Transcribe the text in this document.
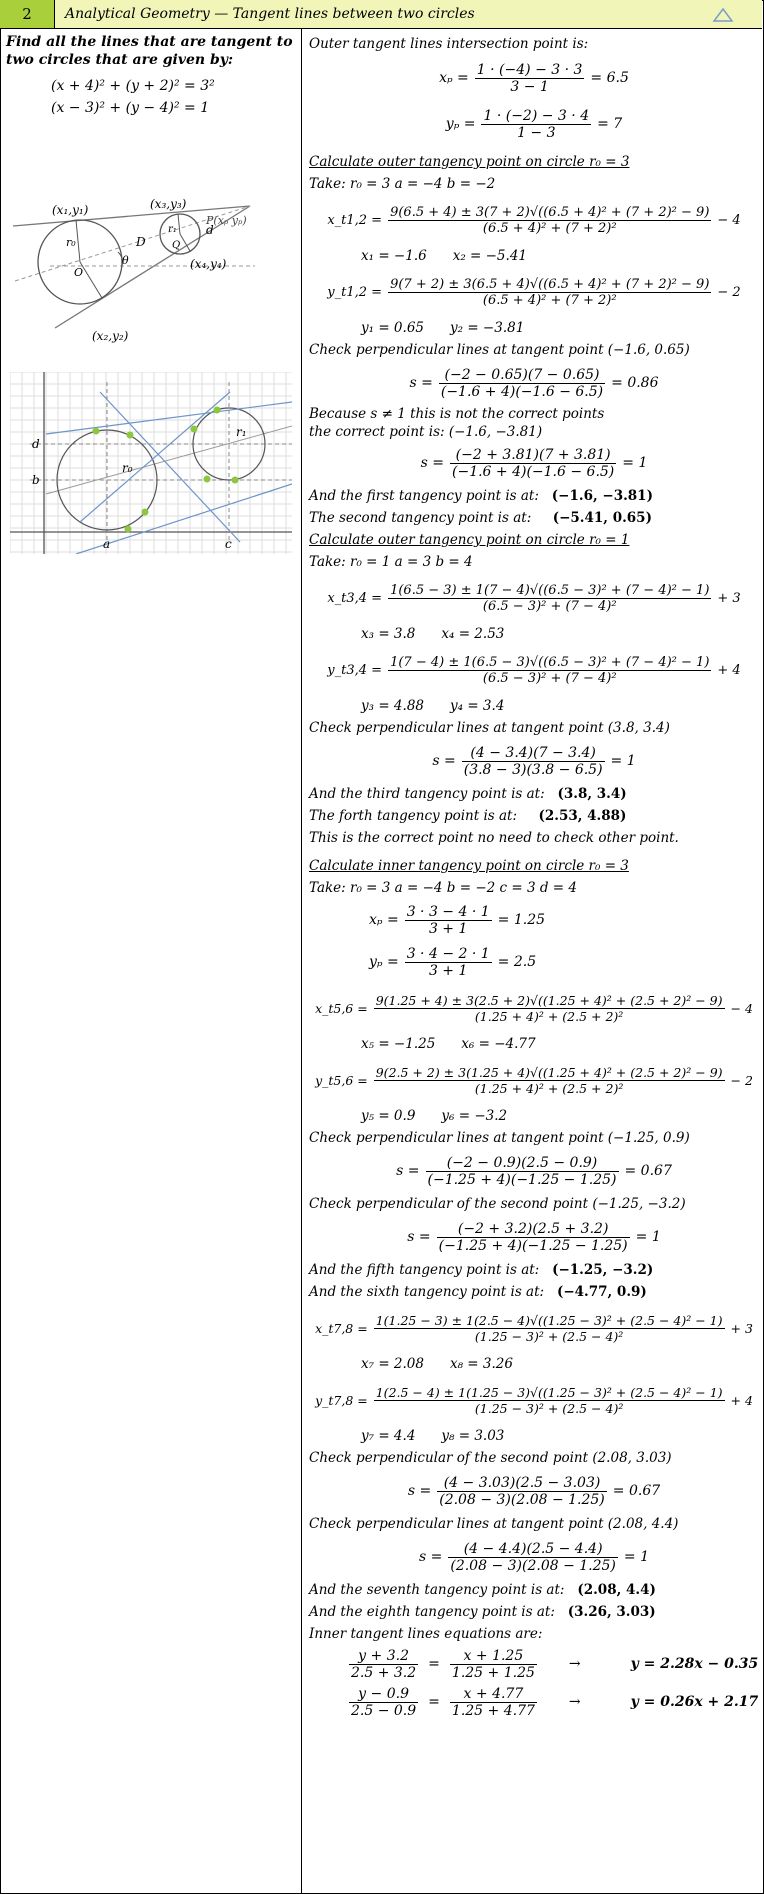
2	Analytical Geometry — Tangent lines between two circles

Find all the lines that are tangent to two circles that are given by:

(x + 4)² + (y + 2)² = 3²
(x − 3)² + (y − 4)² = 1
(x₁,y₁)
(x₂,y₂)
(x₃,y₃)
(x₄,y₄)
P(xₚ yₚ)
r₀
r₁
O
Q
D
d
θ
d
b
a	c
r₀
r₁
Outer tangent lines intersection point is:
$x_p = \frac{1 \cdot (-4) - 3 \cdot 3}{3 - 1} = 6.5$
$y_p = \frac{1 \cdot (-2) - 3 \cdot 4}{1 - 3} = 7$
Calculate outer tangency point on circle r₀ = 3
Take: r₀ = 3 a = −4 b = −2
x_t1,2 = $\frac{\text{9(6.5 + 4) ± 3(7 + 2)√((6.5 + 4)² + (7 + 2)² − 9)}}{\text{(6.5 + 4)² + (7 + 2)²}} - 4$
x₁ = −1.6 x₂ = −5.41
y_t1,2 = $\frac{\text{9(7 + 2) ± 3(6.5 + 4)√((6.5 + 4)² + (7 + 2)² − 9)}}{\text{(6.5 + 4)² + (7 + 2)²}} - 2$
y₁ = 0.65 y₂ = −3.81
Check perpendicular lines at tangent point (−1.6, 0.65)
$s = \frac{(-2 - 0.65)(7 - 0.65)}{(-1.6 + 4)(-1.6 - 6.5)} = 0.86$
Because s ≠ 1 this is not the correct points
the correct point is: (−1.6, −3.81)
$s = \frac{(-2 + 3.81)(7 + 3.81)}{(-1.6 + 4)(-1.6 - 6.5)} = 1$
And the first tangency point is at: (−1.6, −3.81)
The second tangency point is at: (−5.41, 0.65)
Calculate outer tangency point on circle r₀ = 1
Take: r₀ = 1 a = 3 b = 4
x_t3,4 = $\frac{\text{1(6.5 − 3) ± 1(7 − 4)√((6.5 − 3)² + (7 − 4)² − 1)}}{\text{(6.5 − 3)² + (7 − 4)²}} + 3$
x₃ = 3.8 x₄ = 2.53
y_t3,4 = $\frac{\text{1(7 − 4) ± 1(6.5 − 3)√((6.5 − 3)² + (7 − 4)² − 1)}}{\text{(6.5 − 3)² + (7 − 4)²}} + 4$
y₃ = 4.88 y₄ = 3.4
Check perpendicular lines at tangent point (3.8, 3.4)
$s = \frac{(4 - 3.4)(7 - 3.4)}{(3.8 - 3)(3.8 - 6.5)} = 1$
And the third tangency point is at: (3.8, 3.4)
The forth tangency point is at: (2.53, 4.88)
This is the correct point no need to check other point.
Calculate inner tangency point on circle r₀ = 3
Take: r₀ = 3 a = −4 b = −2 c = 3 d = 4
$x_p = \frac{3 \cdot 3 - 4 \cdot 1}{3 + 1} = 1.25$
$y_p = \frac{3 \cdot 4 - 2 \cdot 1}{3 + 1} = 2.5$
x_t5,6 = $\frac{\text{9(1.25 + 4) ± 3(2.5 + 2)√((1.25 + 4)² + (2.5 + 2)² − 9)}}{\text{(1.25 + 4)² + (2.5 + 2)²}} - 4$
x₅ = −1.25 x₆ = −4.77
y_t5,6 = $\frac{\text{9(2.5 + 2) ± 3(1.25 + 4)√((1.25 + 4)² + (2.5 + 2)² − 9)}}{\text{(1.25 + 4)² + (2.5 + 2)²}} - 2$
y₅ = 0.9 y₆ = −3.2
Check perpendicular lines at tangent point (−1.25, 0.9)
$s = \frac{(-2 - 0.9)(2.5 - 0.9)}{(-1.25 + 4)(-1.25 - 1.25)} = 0.67$
Check perpendicular of the second point (−1.25, −3.2)
$s = \frac{(-2 + 3.2)(2.5 + 3.2)}{(-1.25 + 4)(-1.25 - 1.25)} = 1$
And the fifth tangency point is at: (−1.25, −3.2)
And the sixth tangency point is at: (−4.77, 0.9)
x_t7,8 = $\frac{\text{1(1.25 − 3) ± 1(2.5 − 4)√((1.25 − 3)² + (2.5 − 4)² − 1)}}{\text{(1.25 − 3)² + (2.5 − 4)²}} + 3$
x₇ = 2.08 x₈ = 3.26
y_t7,8 = $\frac{\text{1(2.5 − 4) ± 1(1.25 − 3)√((1.25 − 3)² + (2.5 − 4)² − 1)}}{\text{(1.25 − 3)² + (2.5 − 4)²}} + 4$
y₇ = 4.4 y₈ = 3.03
Check perpendicular of the second point (2.08, 3.03)
$s = \frac{(4 - 3.03)(2.5 - 3.03)}{(2.08 - 3)(2.08 - 1.25)} = 0.67$
Check perpendicular lines at tangent point (2.08, 4.4)
$s = \frac{(4 - 4.4)(2.5 - 4.4)}{(2.08 - 3)(2.08 - 1.25)} = 1$
And the seventh tangency point is at: (2.08, 4.4)
And the eighth tangency point is at: (3.26, 3.03)
Inner tangent lines equations are:
$\frac{y + 3.2}{2.5 + 3.2} = \frac{x + 1.25}{1.25 + 1.25}$ →	y = 2.28x − 0.35
$\frac{y - 0.9}{2.5 - 0.9} = \frac{x + 4.77}{1.25 + 4.77}$ →	y = 0.26x + 2.17
